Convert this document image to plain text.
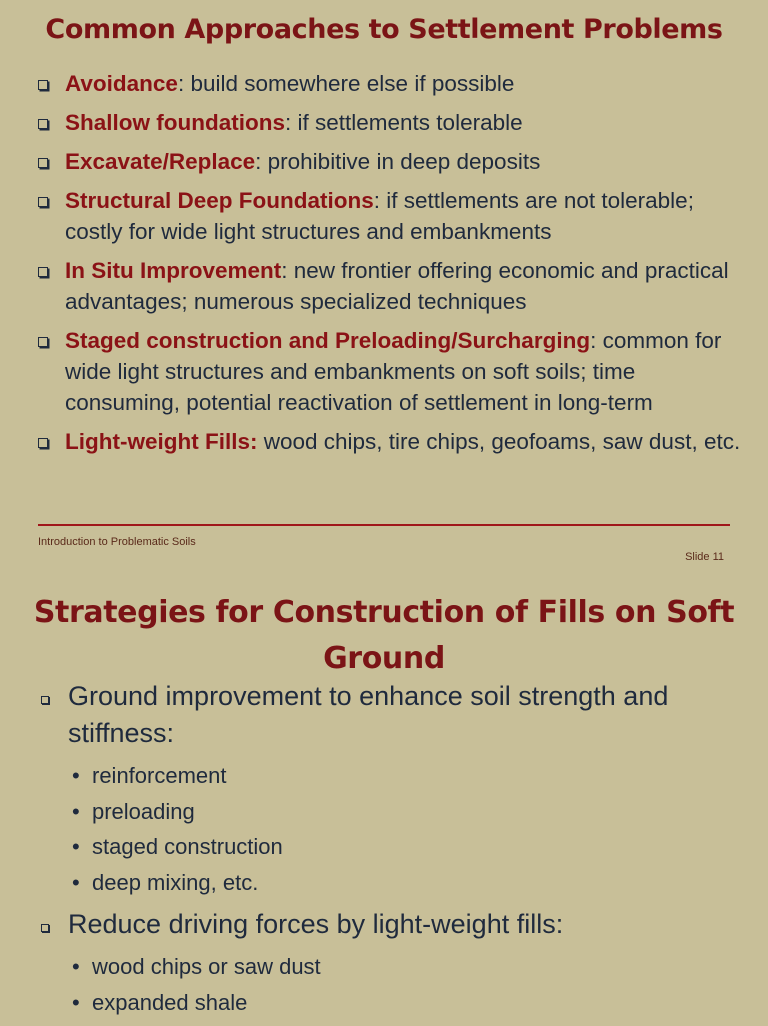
Common Approaches to Settlement Problems
Avoidance: build somewhere else if possible
Shallow foundations: if settlements tolerable
Excavate/Replace: prohibitive in deep deposits
Structural Deep Foundations: if settlements are not tolerable; costly for wide light structures and embankments
In Situ Improvement: new frontier offering economic and practical advantages; numerous specialized techniques
Staged construction and Preloading/Surcharging: common for wide light structures and embankments on soft soils; time consuming, potential reactivation of settlement in long-term
Light-weight Fills: wood chips, tire chips, geofoams, saw dust, etc.
Introduction to Problematic Soils
Slide 11
Strategies for Construction of Fills on Soft Ground
Ground improvement to enhance soil strength and stiffness:
• reinforcement
• preloading
• staged construction
• deep mixing, etc.
Reduce driving forces by light-weight fills:
• wood chips or saw dust
• expanded shale
